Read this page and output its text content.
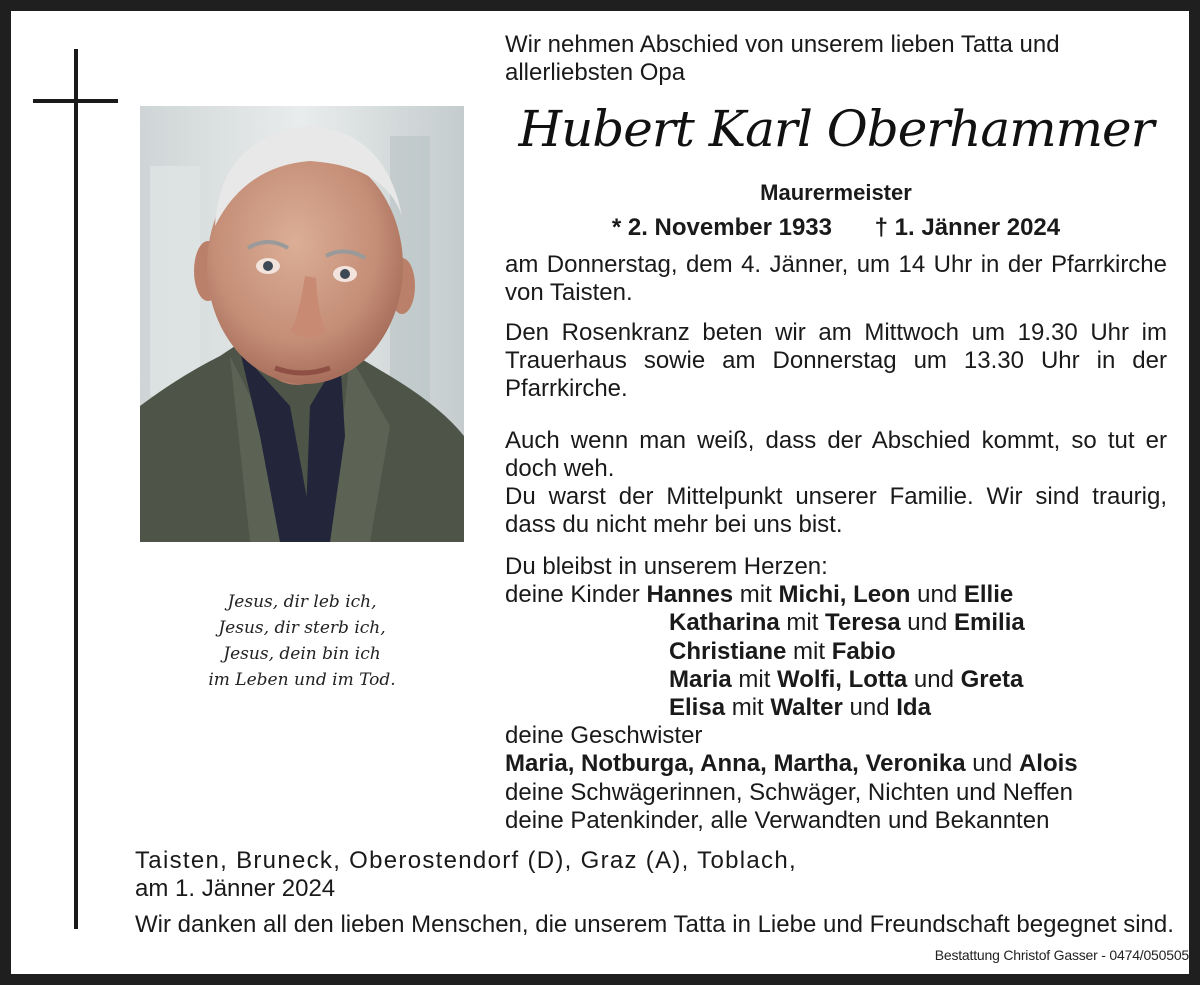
Jesus, dir leb ich,
Jesus, dir sterb ich,
Jesus, dein bin ich
im Leben und im Tod.
Wir nehmen Abschied von unserem lieben Tatta und allerliebsten Opa
Hubert Karl Oberhammer
Maurermeister
* 2. November 1933 † 1. Jänner 2024
am Donnerstag, dem 4. Jänner, um 14 Uhr in der Pfarrkirche von Taisten.
Den Rosenkranz beten wir am Mittwoch um 19.30 Uhr im Trauerhaus sowie am Donnerstag um 13.30 Uhr in der Pfarrkirche.
Auch wenn man weiß, dass der Abschied kommt, so tut er doch weh.
Du warst der Mittelpunkt unserer Familie. Wir sind traurig, dass du nicht mehr bei uns bist.
Du bleibst in unserem Herzen:
deine Kinder Hannes mit Michi, Leon und Ellie
Katharina mit Teresa und Emilia
Christiane mit Fabio
Maria mit Wolfi, Lotta und Greta
Elisa mit Walter und Ida
deine Geschwister
Maria, Notburga, Anna, Martha, Veronika und Alois
deine Schwägerinnen, Schwäger, Nichten und Neffen
deine Patenkinder, alle Verwandten und Bekannten
Taisten, Bruneck, Oberostendorf (D), Graz (A), Toblach,
am 1. Jänner 2024
Wir danken all den lieben Menschen, die unserem Tatta in Liebe und Freundschaft begegnet sind.
Bestattung Christof Gasser - 0474/050505
